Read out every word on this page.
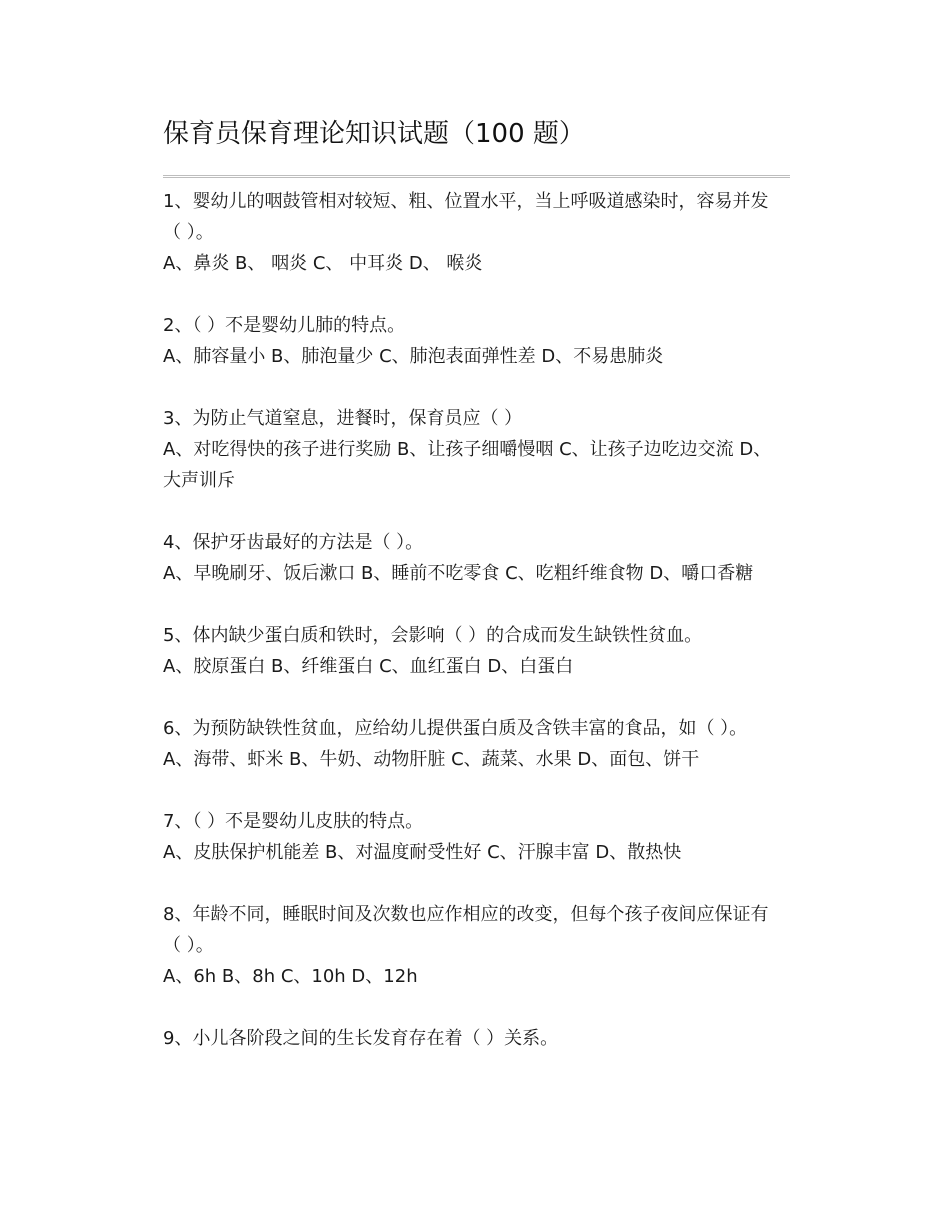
保育员保育理论知识试题（100 题）

1、婴幼儿的咽鼓管相对较短、粗、位置水平，当上呼吸道感染时，容易并发（ ）。

A、鼻炎 B、 咽炎 C、 中耳炎 D、 喉炎

2、（ ）不是婴幼儿肺的特点。

A、肺容量小 B、肺泡量少 C、肺泡表面弹性差 D、不易患肺炎

3、为防止气道窒息，进餐时，保育员应（ ）

A、对吃得快的孩子进行奖励 B、让孩子细嚼慢咽 C、让孩子边吃边交流 D、大声训斥

4、保护牙齿最好的方法是（ ）。

A、早晚刷牙、饭后漱口 B、睡前不吃零食 C、吃粗纤维食物 D、嚼口香糖

5、体内缺少蛋白质和铁时，会影响（ ）的合成而发生缺铁性贫血。

A、胶原蛋白 B、纤维蛋白 C、血红蛋白 D、白蛋白

6、为预防缺铁性贫血，应给幼儿提供蛋白质及含铁丰富的食品，如（ ）。

A、海带、虾米 B、牛奶、动物肝脏 C、蔬菜、水果 D、面包、饼干

7、（ ）不是婴幼儿皮肤的特点。

A、皮肤保护机能差 B、对温度耐受性好 C、汗腺丰富 D、散热快

8、年龄不同，睡眠时间及次数也应作相应的改变，但每个孩子夜间应保证有（ ）。

A、6h B、8h C、10h D、12h

9、小儿各阶段之间的生长发育存在着（ ）关系。
